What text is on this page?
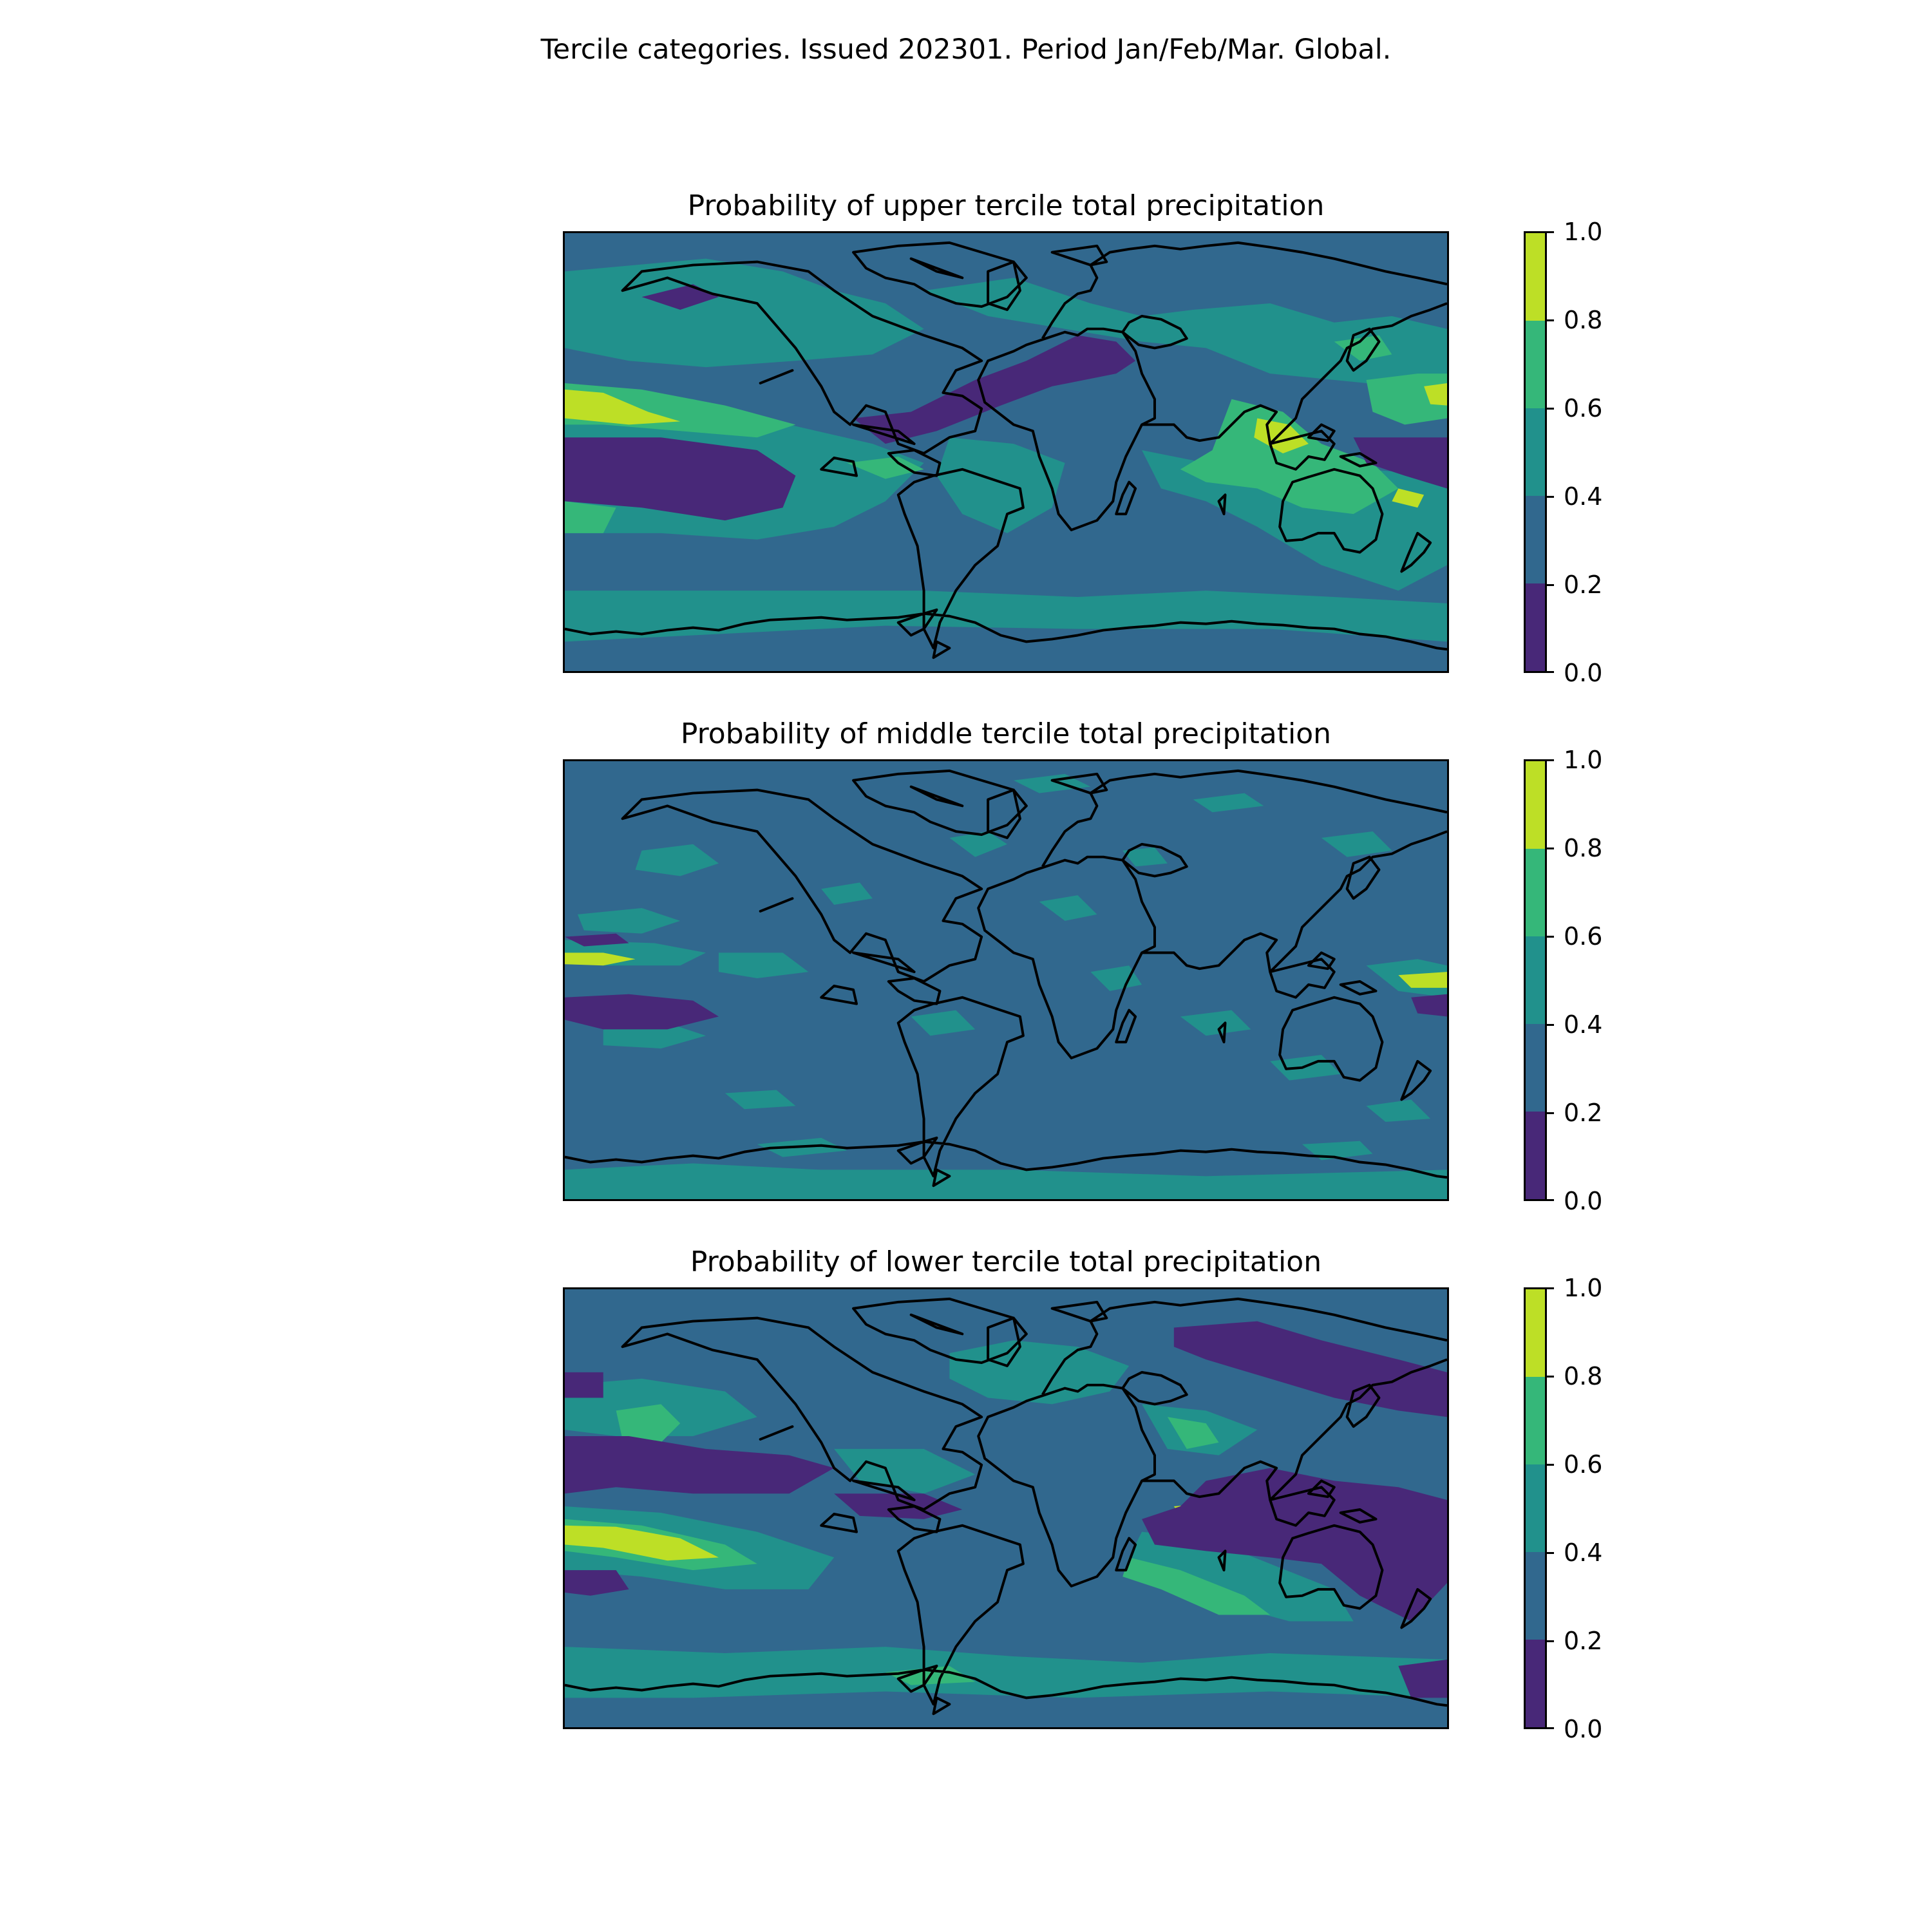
Tercile categories. Issued 202301. Period Jan/Feb/Mar. Global.
Probability of upper tercile total precipitation
1.0
0.8
0.6
0.4
0.2
0.0
Probability of middle tercile total precipitation
1.0
0.8
0.6
0.4
0.2
0.0
Probability of lower tercile total precipitation
1.0
0.8
0.6
0.4
0.2
0.0
